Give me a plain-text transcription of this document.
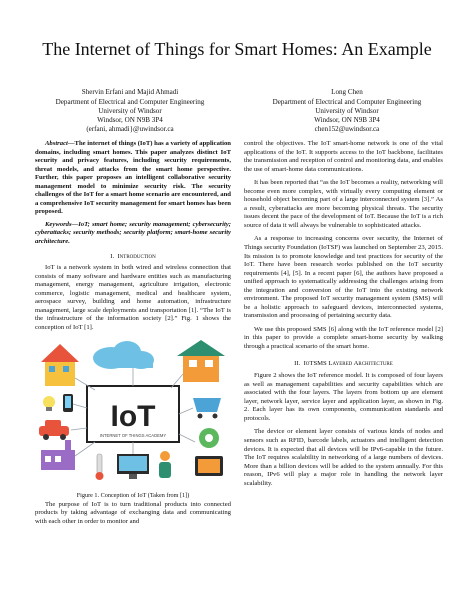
The Internet of Things for Smart Homes: An Example
Shervin Erfani and Majid Ahmadi
Department of Electrical and Computer Engineering
University of Windsor
Windsor, ON N9B 3P4
(erfani, ahmadi}@uwindsor.ca
Long Chen
Department of Electrical and Computer Engineering
University of Windsor
Windsor, ON N9B 3P4
chen152@uwindsor.ca

Abstract—The internet of things (IoT) has a variety of application domains, including smart homes. This paper analyzes distinct IoT security and privacy features, including security requirements, threat models, and attacks from the smart home perspective. Further, this paper proposes an intelligent collaborative security management model to minimize security risk. The security challenges of the IoT for a smart home scenario are encountered, and a comprehensive IoT security management for smart homes has been proposed.

Keywords—IoT; smart home; security management; cybersecurity; cyberattacks; security methods; security platform; smart-home security architecture.

I. Introduction

IoT is a network system in both wired and wireless connection that consists of many software and hardware entities such as manufacturing management, energy management, agriculture irrigation, electronic commerce, logistic management, medical and healthcare system, aerospace survey, building and home automation, infrastructure management, large scale deployments and transportation [1]. “The IoT is the infrastructure of the information society [2].” Fig. 1 shows the conception of IoT [1].

IoT
INTERNET OF THINGS ACADEMY

Figure 1. Conception of IoT (Taken from [1])

The purpose of IoT is to turn traditional products into connected products by taking advantage of exchanging data and communicating with each other in order to monitor and

control the objectives. The IoT smart-home network is one of the vital applications of the IoT. It supports access to the IoT backbone, facilitates the transmission and reception of control and monitoring data, and enables the use of smart-home data communications.

It has been reported that “as the IoT becomes a reality, networking will become even more complex, with virtually every computing element or household object becoming part of a large interconnected system [3].” As a result, cyberattacks are more becoming physical threats. The security issues decent the pace of the development of IoT. Because the IoT is a rich source of data it will always be vulnerable to sophisticated attacks.

As a response to increasing concerns over security, the Internet of Things security Foundation (IoTSF) was launched on September 23, 2015. Its mission is to promote knowledge and test practices for security of the IoT. There have been research works published on the IoT security requirements [4], [5]. In a recent paper [6], the authors have proposed a unified approach to systematically addressing the challenges arising from the integration and conversion of the IoT into the existing network environment. The proposed IoT security management system (SMS) will be a holistic approach to safeguard devices, interconnected systems, transmission and processing of pertaining security data.

We use this proposed SMS [6] along with the IoT reference model [2] in this paper to provide a complete smart-home security by walking through a practical scenario of the smart home.

II. IoTSMS Layered Architecture

Figure 2 shows the IoT reference model. It is composed of four layers as well as management capabilities and security capabilities which are associated with the four layers. The layers from bottom up are element layer, network layer, service layer and application layer, as shown in Fig. 2. Each layer has its own components, communication standards and protocols.

The device or element layer consists of various kinds of nodes and sensors such as RFID, barcode labels, actuators and intelligent detection devices. It is expected that all devices will be IPv6-capable in the future. The IoT requires scalability in networking of a large numbers of devices. More than a billion devices will be added to the system annually. For this reason, IPv6 will play a major role in handling the network layer scalability.
